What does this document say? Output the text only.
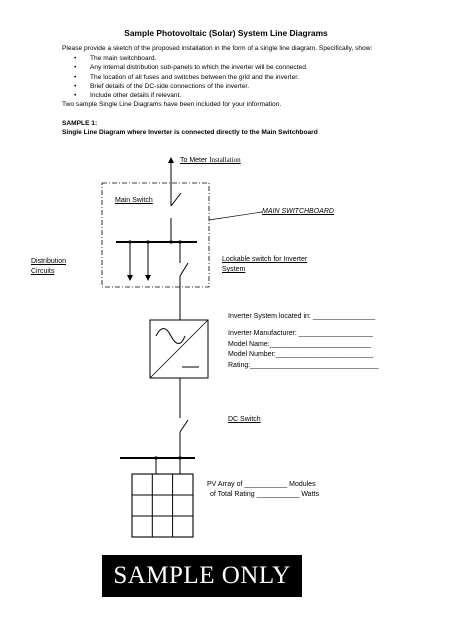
Sample Photovoltaic (Solar) System Line Diagrams
Please provide a sketch of the proposed installation in the form of a single line diagram. Specifically, show:
• The main switchboard.
• Any internal distribution sub-panels to which the inverter will be connected.
• The location of all fuses and switches between the grid and the inverter.
• Brief details of the DC-side connections of the inverter.
• Include other details if relevant.
Two sample Single Line Diagrams have been included for your information.
SAMPLE 1:
Single Line Diagram where Inverter is connected directly to the Main Switchboard
To Meter Installation
Main Switch
MAIN SWITCHBOARD
Distribution
Circuits
Lockable switch for Inverter
System
Inverter System located in: ________________
Inverter Manufacturer: ___________________
Model Name:__________________________
Model Number:_________________________
Rating:_________________________________
DC Switch
PV Array of ___________ Modules
of Total Rating ___________ Watts
SAMPLE ONLY
